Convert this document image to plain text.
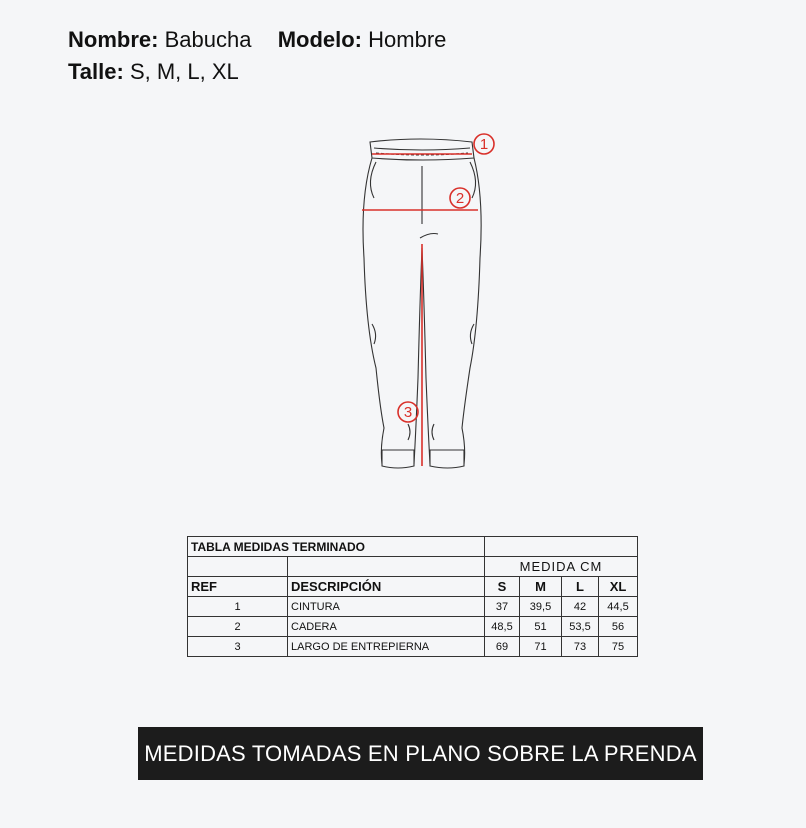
Nombre: Babucha Modelo: Hombre
Talle: S, M, L, XL
1
2
3
TABLA MEDIDAS TERMINADO					
		MEDIDA CM			
REF	DESCRIPCIÓN	S	M	L	XL
1	CINTURA	37	39,5	42	44,5
2	CADERA	48,5	51	53,5	56
3	LARGO DE ENTREPIERNA	69	71	73	75
MEDIDAS TOMADAS EN PLANO SOBRE LA PRENDA
